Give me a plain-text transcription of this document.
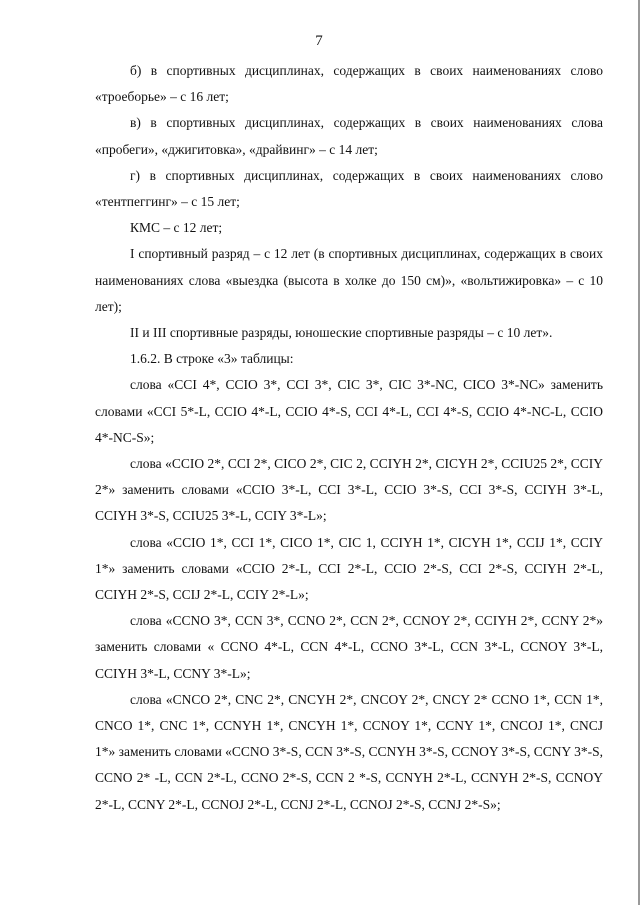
7

б) в спортивных дисциплинах, содержащих в своих наименованиях слово «троеборье» – с 16 лет;

в) в спортивных дисциплинах, содержащих в своих наименованиях слова «пробеги», «джигитовка», «драйвинг» – с 14 лет;

г) в спортивных дисциплинах, содержащих в своих наименованиях слово «тентпеггинг» – с 15 лет;

КМС – с 12 лет;

I спортивный разряд – с 12 лет (в спортивных дисциплинах, содержащих в своих наименованиях слова «выездка (высота в холке до 150 см)», «вольтижировка» – с 10 лет);

II и III спортивные разряды, юношеские спортивные разряды – с 10 лет».

1.6.2. В строке «3» таблицы:

слова «CCI 4*, CCIO 3*, CCI 3*, CIC 3*, CIC 3*-NC, CICO 3*-NC» заменить словами «CCI 5*-L, CCIO 4*-L, CCIO 4*-S, CCI 4*-L, CCI 4*-S, CCIO 4*-NC-L, CCIO 4*-NC-S»;

слова «CCIO 2*, CCI 2*, CICO 2*, CIC 2, CCIYH 2*, CICYH 2*, CCIU25 2*, CCIY 2*» заменить словами «CCIO 3*-L, CCI 3*-L, CCIO 3*-S, CCI 3*-S, CCIYH 3*-L, CCIYH 3*-S, CCIU25 3*-L, CCIY 3*-L»;

слова «CCIO 1*, CCI 1*, CICO 1*, CIC 1, CCIYH 1*, CICYH 1*, CCIJ 1*, CCIY 1*» заменить словами «CCIO 2*-L, CCI 2*-L, CCIO 2*-S, CCI 2*-S, CCIYH 2*-L, CCIYH 2*-S, CCIJ 2*-L, CCIY 2*-L»;

слова «CCNO 3*, CCN 3*, CCNO 2*, CCN 2*, CCNOY 2*, CCIYH 2*, CCNY 2*» заменить словами « CCNO 4*-L, CCN 4*-L, CCNO 3*-L, CCN 3*-L, CCNOY 3*-L, CCIYH 3*-L, CCNY 3*-L»;

слова «CNCO 2*, CNC 2*, CNCYH 2*, CNCOY 2*, CNCY 2* CCNO 1*, CCN 1*, CNCO 1*, CNC 1*, CCNYH 1*, CNCYH 1*, CCNOY 1*, CCNY 1*, CNCOJ 1*, CNCJ 1*» заменить словами «CCNO 3*-S, CCN 3*-S, CCNYH 3*-S, CCNOY 3*-S, CCNY 3*-S, CCNO 2* -L, CCN 2*-L, CCNO 2*-S, CCN 2 *-S, CCNYH 2*-L, CCNYH 2*-S, CCNOY 2*-L, CCNY 2*-L, CCNOJ 2*-L, CCNJ 2*-L, CCNOJ 2*-S, CCNJ 2*-S»;
